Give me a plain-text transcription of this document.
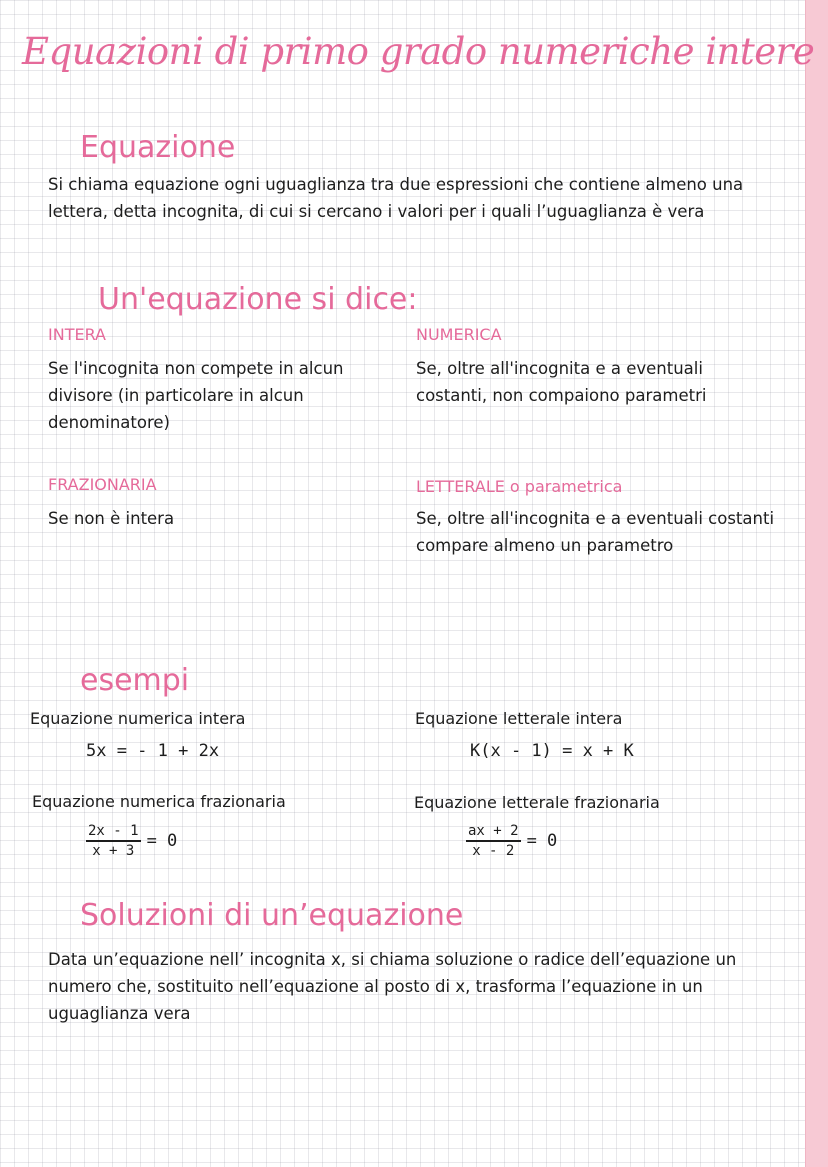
Equazioni di primo grado numeriche intere
Equazione
Si chiama equazione ogni uguaglianza tra due espressioni che contiene almeno una lettera, detta incognita, di cui si cercano i valori per i quali l’uguaglianza è vera
Un'equazione si dice:
INTERA
Se l'incognita non compete in alcun divisore (in particolare in alcun denominatore)
NUMERICA
Se, oltre all'incognita e a eventuali costanti, non compaiono parametri
FRAZIONARIA
Se non è intera
LETTERALE o parametrica
Se, oltre all'incognita e a eventuali costanti compare almeno un parametro
esempi
Equazione numerica intera
5x = - 1 + 2x
Equazione letterale intera
K(x - 1) = x + K
Equazione numerica frazionaria
$\frac{2x - 1}{x + 3} = 0$
Equazione letterale frazionaria
$\frac{ax + 2}{x - 2} = 0$
Soluzioni di un’equazione
Data un’equazione nell’ incognita x, si chiama soluzione o radice dell’equazione un numero che, sostituito nell’equazione al posto di x, trasforma l’equazione in un uguaglianza vera
